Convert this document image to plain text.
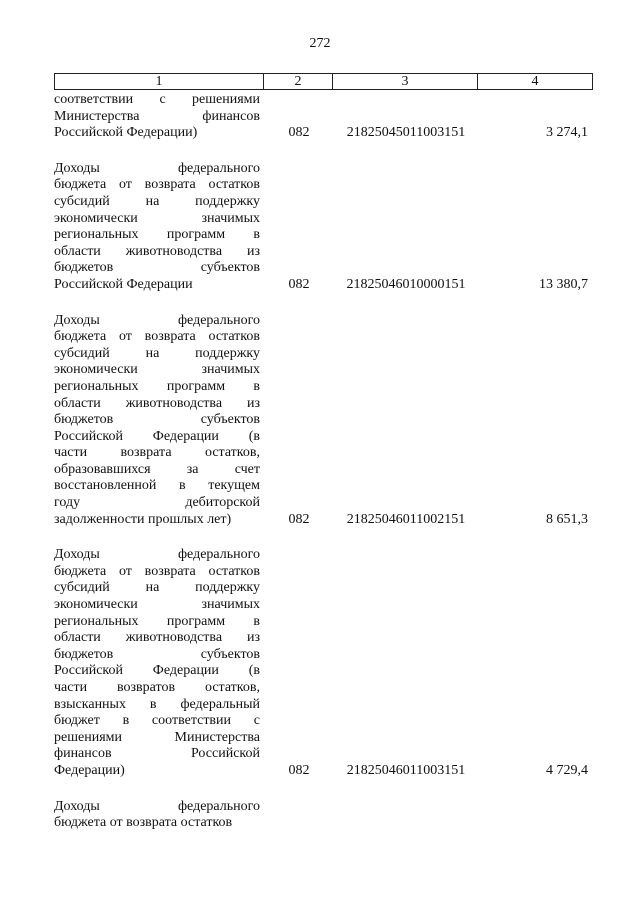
272
1	2	3	4
соответствии с решениями
Министерства финансов
Российской Федерации)	082	21825045011003151	3 274,1
Доходы федерального
бюджета от возврата остатков
субсидий на поддержку
экономически значимых
региональных программ в
области животноводства из
бюджетов субъектов
Российской Федерации	082	21825046010000151	13 380,7
Доходы федерального
бюджета от возврата остатков
субсидий на поддержку
экономически значимых
региональных программ в
области животноводства из
бюджетов субъектов
Российской Федерации (в
части возврата остатков,
образовавшихся за счет
восстановленной в текущем
году дебиторской
задолженности прошлых лет)	082	21825046011002151	8 651,3
Доходы федерального
бюджета от возврата остатков
субсидий на поддержку
экономически значимых
региональных программ в
области животноводства из
бюджетов субъектов
Российской Федерации (в
части возвратов остатков,
взысканных в федеральный
бюджет в соответствии с
решениями Министерства
финансов Российской
Федерации)	082	21825046011003151	4 729,4
Доходы федерального
бюджета от возврата остатков
